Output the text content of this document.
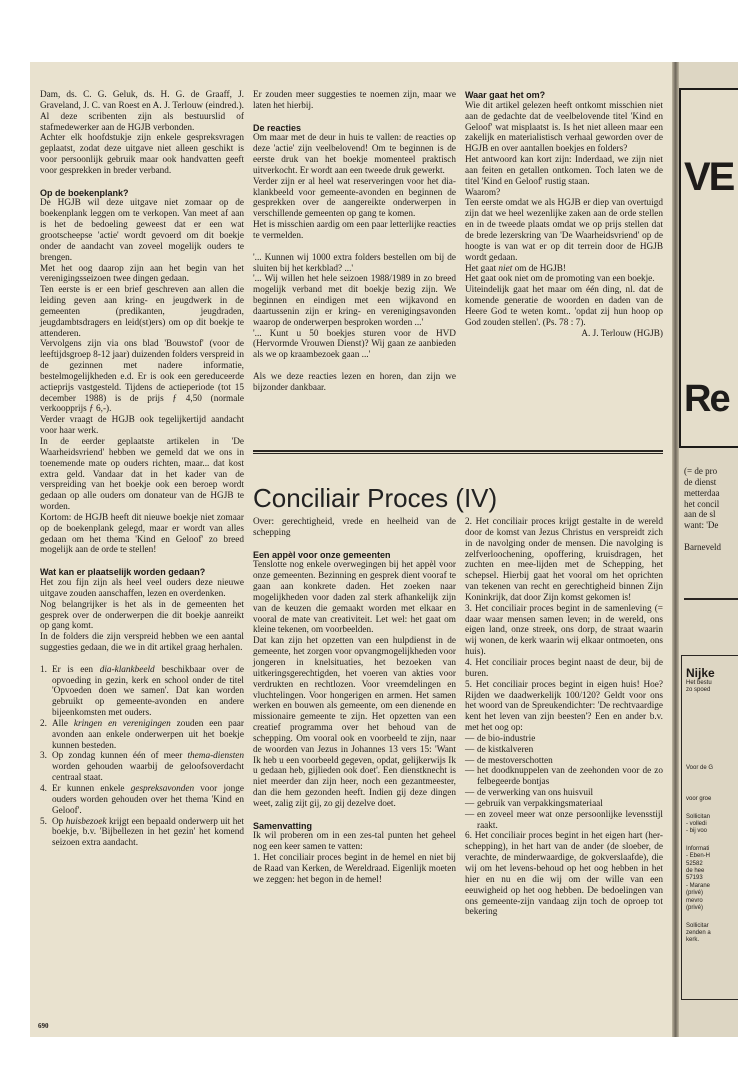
Dam, ds. C. G. Geluk, ds. H. G. de Graaff, J. Graveland, J. C. van Roest en A. J. Terlouw (eindred.). Al deze scribenten zijn als bestuurslid of stafmedewerker aan de HGJB verbonden.

Achter elk hoofdstukje zijn enkele gespreksvragen geplaatst, zodat deze uitgave niet alleen geschikt is voor persoonlijk gebruik maar ook handvatten geeft voor gesprekken in breder verband.

Op de boekenplank?

De HGJB wil deze uitgave niet zomaar op de boekenplank leggen om te verkopen. Van meet af aan is het de bedoeling geweest dat er een wat grootscheepse 'actie' wordt gevoerd om dit boekje onder de aandacht van zoveel mogelijk ouders te brengen.

Met het oog daarop zijn aan het begin van het verenigingsseizoen twee dingen gedaan.

Ten eerste is er een brief geschreven aan allen die leiding geven aan kring- en jeugdwerk in de gemeenten (predikanten, jeugdraden, jeugdambtsdragers en leid(st)ers) om op dit boekje te attenderen.

Vervolgens zijn via ons blad 'Bouwstof' (voor de leeftijdsgroep 8-12 jaar) duizenden folders verspreid in de gezinnen met nadere informatie, bestelmogelijkheden e.d. Er is ook een gereduceerde actieprijs vastgesteld. Tijdens de actieperiode (tot 15 december 1988) is de prijs ƒ 4,50 (normale verkoopprijs ƒ 6,-).

Verder vraagt de HGJB ook tegelijkertijd aandacht voor haar werk.

In de eerder geplaatste artikelen in 'De Waarheidsvriend' hebben we gemeld dat we ons in toenemende mate op ouders richten, maar... dat kost extra geld. Vandaar dat in het kader van de verspreiding van het boekje ook een beroep wordt gedaan op alle ouders om donateur van de HGJB te worden.

Kortom: de HGJB heeft dit nieuwe boekje niet zomaar op de boekenplank gelegd, maar er wordt van alles gedaan om het thema 'Kind en Geloof' zo breed mogelijk aan de orde te stellen!

Wat kan er plaatselijk worden gedaan?

Het zou fijn zijn als heel veel ouders deze nieuwe uitgave zouden aanschaffen, lezen en overdenken.

Nog belangrijker is het als in de gemeenten het gesprek over de onderwerpen die dit boekje aanreikt op gang komt.

In de folders die zijn verspreid hebben we een aantal suggesties gedaan, die we in dit artikel graag herhalen.

1. Er is een dia-klankbeeld beschikbaar over de opvoeding in gezin, kerk en school onder de titel 'Opvoeden doen we samen'. Dat kan worden gebruikt op gemeente-avonden en andere bijeenkomsten met ouders.
2. Alle kringen en verenigingen zouden een paar avonden aan enkele onderwerpen uit het boekje kunnen besteden.
3. Op zondag kunnen één of meer thema-diensten worden gehouden waarbij de geloofsoverdacht centraal staat.
4. Er kunnen enkele gespreksavonden voor jonge ouders worden gehouden over het thema 'Kind en Geloof'.
5. Op huisbezoek krijgt een bepaald onderwerp uit het boekje, b.v. 'Bijbellezen in het gezin' het komend seizoen extra aandacht.

Er zouden meer suggesties te noemen zijn, maar we laten het hierbij.

De reacties

Om maar met de deur in huis te vallen: de reacties op deze 'actie' zijn veelbelovend! Om te beginnen is de eerste druk van het boekje momenteel praktisch uitverkocht. Er wordt aan een tweede druk gewerkt.

Verder zijn er al heel wat reserveringen voor het dia-klankbeeld voor gemeente-avonden en beginnen de gesprekken over de aangereikte onderwerpen in verschillende gemeenten op gang te komen.

Het is misschien aardig om een paar letterlijke reacties te vermelden.

'... Kunnen wij 1000 extra folders bestellen om bij de sluiten bij het kerkblad? ...'

'... Wij willen het hele seizoen 1988/1989 in zo breed mogelijk verband met dit boekje bezig zijn. We beginnen en eindigen met een wijkavond en daartussenin zijn er kring- en verenigingsavonden waarop de onderwerpen besproken worden ...'

'... Kunt u 50 boekjes sturen voor de HVD (Hervormde Vrouwen Dienst)? Wij gaan ze aanbieden als we op kraambezoek gaan ...'

Als we deze reacties lezen en horen, dan zijn we bijzonder dankbaar.

Waar gaat het om?

Wie dit artikel gelezen heeft ontkomt misschien niet aan de gedachte dat de veelbelovende titel 'Kind en Geloof' wat misplaatst is. Is het niet alleen maar een zakelijk en materialistisch verhaal geworden over de HGJB en over aantallen boekjes en folders?

Het antwoord kan kort zijn: Inderdaad, we zijn niet aan feiten en getallen ontkomen. Toch laten we de titel 'Kind en Geloof' rustig staan.

Waarom?

Ten eerste omdat we als HGJB er diep van overtuigd zijn dat we heel wezenlijke zaken aan de orde stellen en in de tweede plaats omdat we op prijs stellen dat de brede lezerskring van 'De Waarheidsvriend' op de hoogte is van wat er op dit terrein door de HGJB wordt gedaan.

Het gaat niet om de HGJB!

Het gaat ook niet om de promoting van een boekje.

Uiteindelijk gaat het maar om één ding, nl. dat de komende generatie de woorden en daden van de Heere God te weten komt.. 'opdat zij hun hoop op God zouden stellen'. (Ps. 78 : 7).

A. J. Terlouw (HGJB)

Conciliair Proces (IV)

Over: gerechtigheid, vrede en heelheid van de schepping

Een appèl voor onze gemeenten

Tenslotte nog enkele overwegingen bij het appèl voor onze gemeenten. Bezinning en gesprek dient vooraf te gaan aan konkrete daden. Het zoeken naar mogelijkheden voor daden zal sterk afhankelijk zijn van de keuzen die gemaakt worden met elkaar en vooral de mate van creativiteit. Let wel: het gaat om kleine tekenen, om voorbeelden.

Dat kan zijn het opzetten van een hulpdienst in de gemeente, het zorgen voor opvangmogelijkheden voor jongeren in knelsituaties, het bezoeken van uitkeringsgerechtigden, het voeren van akties voor verdrukten en rechtlozen. Voor vreemdelingen en vluchtelingen. Voor hongerigen en armen. Het samen werken en bouwen als gemeente, om een dienende en missionaire gemeente te zijn. Het opzetten van een creatief programma over het behoud van de schepping. Om vooral ook en voorbeeld te zijn, naar de woorden van Jezus in Johannes 13 vers 15: 'Want Ik heb u een voorbeeld gegeven, opdat, gelijkerwijs Ik u gedaan heb, gijlieden ook doet'. Een dienstknecht is niet meerder dan zijn heer, noch een gezantmeester, dan die hem gezonden heeft. Indien gij deze dingen weet, zalig zijt gij, zo gij dezelve doet.

Samenvatting

Ik wil proberen om in een zes-tal punten het geheel nog een keer samen te vatten:

1. Het conciliair proces begint in de hemel en niet bij de Raad van Kerken, de Wereldraad. Eigenlijk moeten we zeggen: het begon in de hemel!

2. Het conciliair proces krijgt gestalte in de wereld door de komst van Jezus Christus en verspreidt zich in de navolging onder de mensen. Die navolging is zelfverloochening, opoffering, kruisdragen, het zuchten en mee-lijden met de Schepping, het schepsel. Hierbij gaat het vooral om het oprichten van tekenen van recht en gerechtigheid binnen Zijn Koninkrijk, dat door Zijn komst gekomen is!

3. Het conciliair proces begint in de samenleving (= daar waar mensen samen leven; in de wereld, ons eigen land, onze streek, ons dorp, de straat waarin wij wonen, de kerk waarin wij elkaar ontmoeten, ons huis).

4. Het conciliair proces begint naast de deur, bij de buren.

5. Het conciliair proces begint in eigen huis! Hoe? Rijden we daadwerkelijk 100/120? Geldt voor ons het woord van de Spreukendichter: 'De rechtvaardige kent het leven van zijn beesten'? Een en ander b.v. met het oog op:

— de bio-industrie
— de kistkalveren
— de mestoverschotten
— het doodknuppelen van de zeehonden voor de zo felbegeerde bontjas
— de verwerking van ons huisvuil
— gebruik van verpakkingsmateriaal
— en zoveel meer wat onze persoonlijke levensstijl raakt.

6. Het conciliair proces begint in het eigen hart (her-schepping), in het hart van de ander (de sloeber, de verachte, de minderwaardige, de gokverslaafde), die wij om het levens-behoud op het oog hebben in het hier en nu en die wij om der wille van een eeuwigheid op het oog hebben. De bedoelingen van ons gemeente-zijn vandaag zijn toch de oproep tot bekering

690
VE
Re
(= de pro
de dienst
metterdaa
het concil
aan de sl
want: 'De

Barneveld
Nijke
Het bestu
zo spoed
Voor de G
voor groe
Sollicitan
- volledi
- bij voo
Informati
- Eben-H
52582
de hee
57193
- Marane
(privé)
mevro
(privé)
Sollicitar
zenden a
kerk.
